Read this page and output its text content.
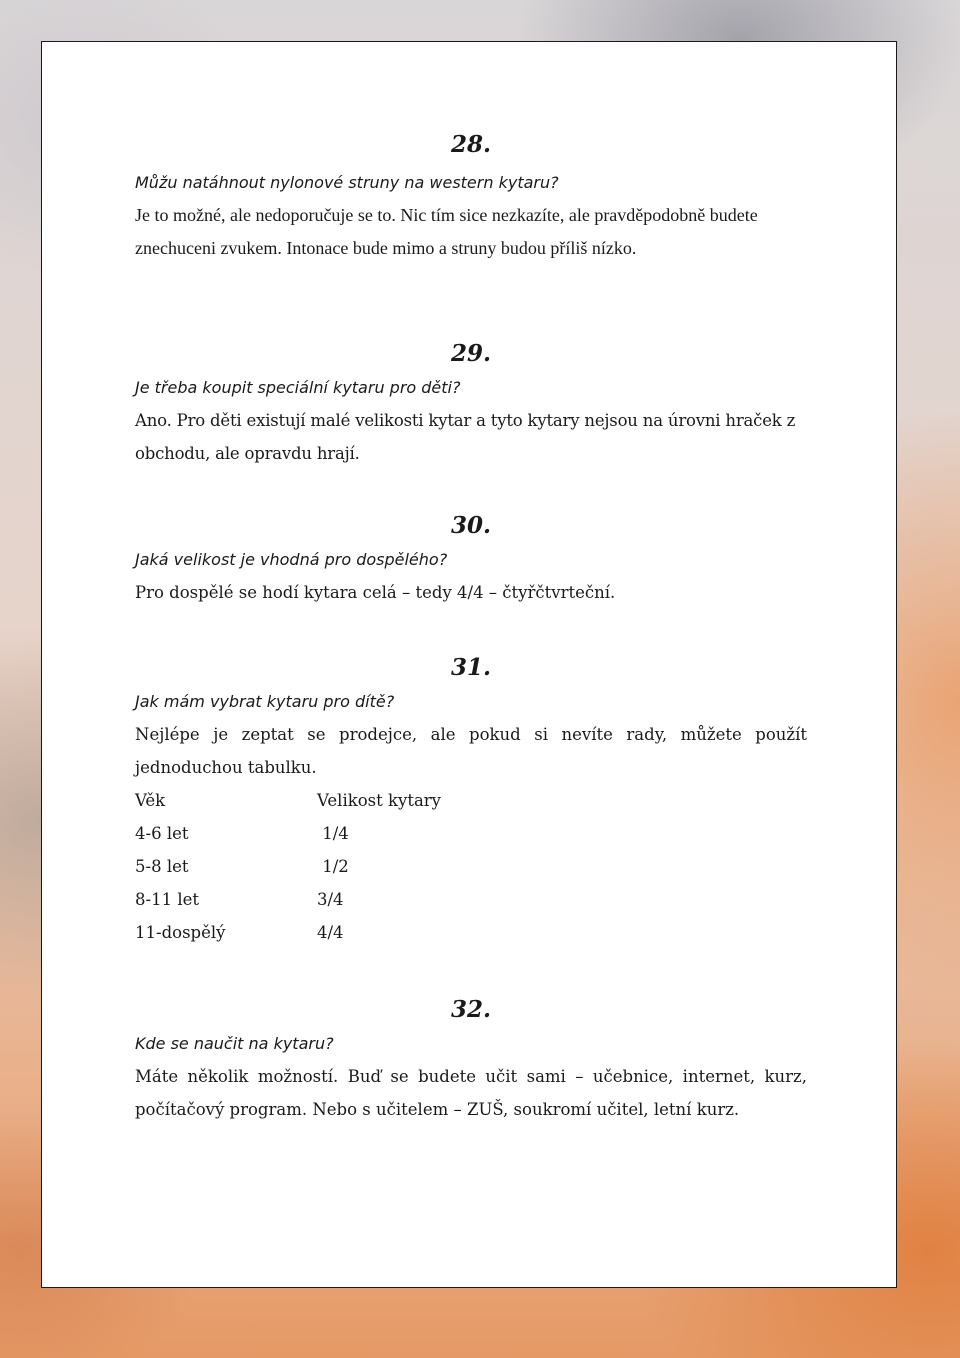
28.

Můžu natáhnout nylonové struny na western kytaru?

Je to možné, ale nedoporučuje se to. Nic tím sice nezkazíte, ale pravděpodobně budete znechuceni zvukem. Intonace bude mimo a struny budou příliš nízko.

29.

Je třeba koupit speciální kytaru pro děti?

Ano. Pro děti existují malé velikosti kytar a tyto kytary nejsou na úrovni hraček z obchodu, ale opravdu hrají.

30.

Jaká velikost je vhodná pro dospělého?

Pro dospělé se hodí kytara celá – tedy 4/4 – čtyřčtvrteční.

31.

Jak mám vybrat kytaru pro dítě?

Nejlépe je zeptat se prodejce, ale pokud si nevíte rady, můžete použít jednoduchou tabulku.

Věk	Velikost kytary
4-6 let	1/4
5-8 let	1/2
8-11 let	3/4
11-dospělý	4/4

32.

Kde se naučit na kytaru?

Máte několik možností. Buď se budete učit sami – učebnice, internet, kurz, počítačový program. Nebo s učitelem – ZUŠ, soukromí učitel, letní kurz.
